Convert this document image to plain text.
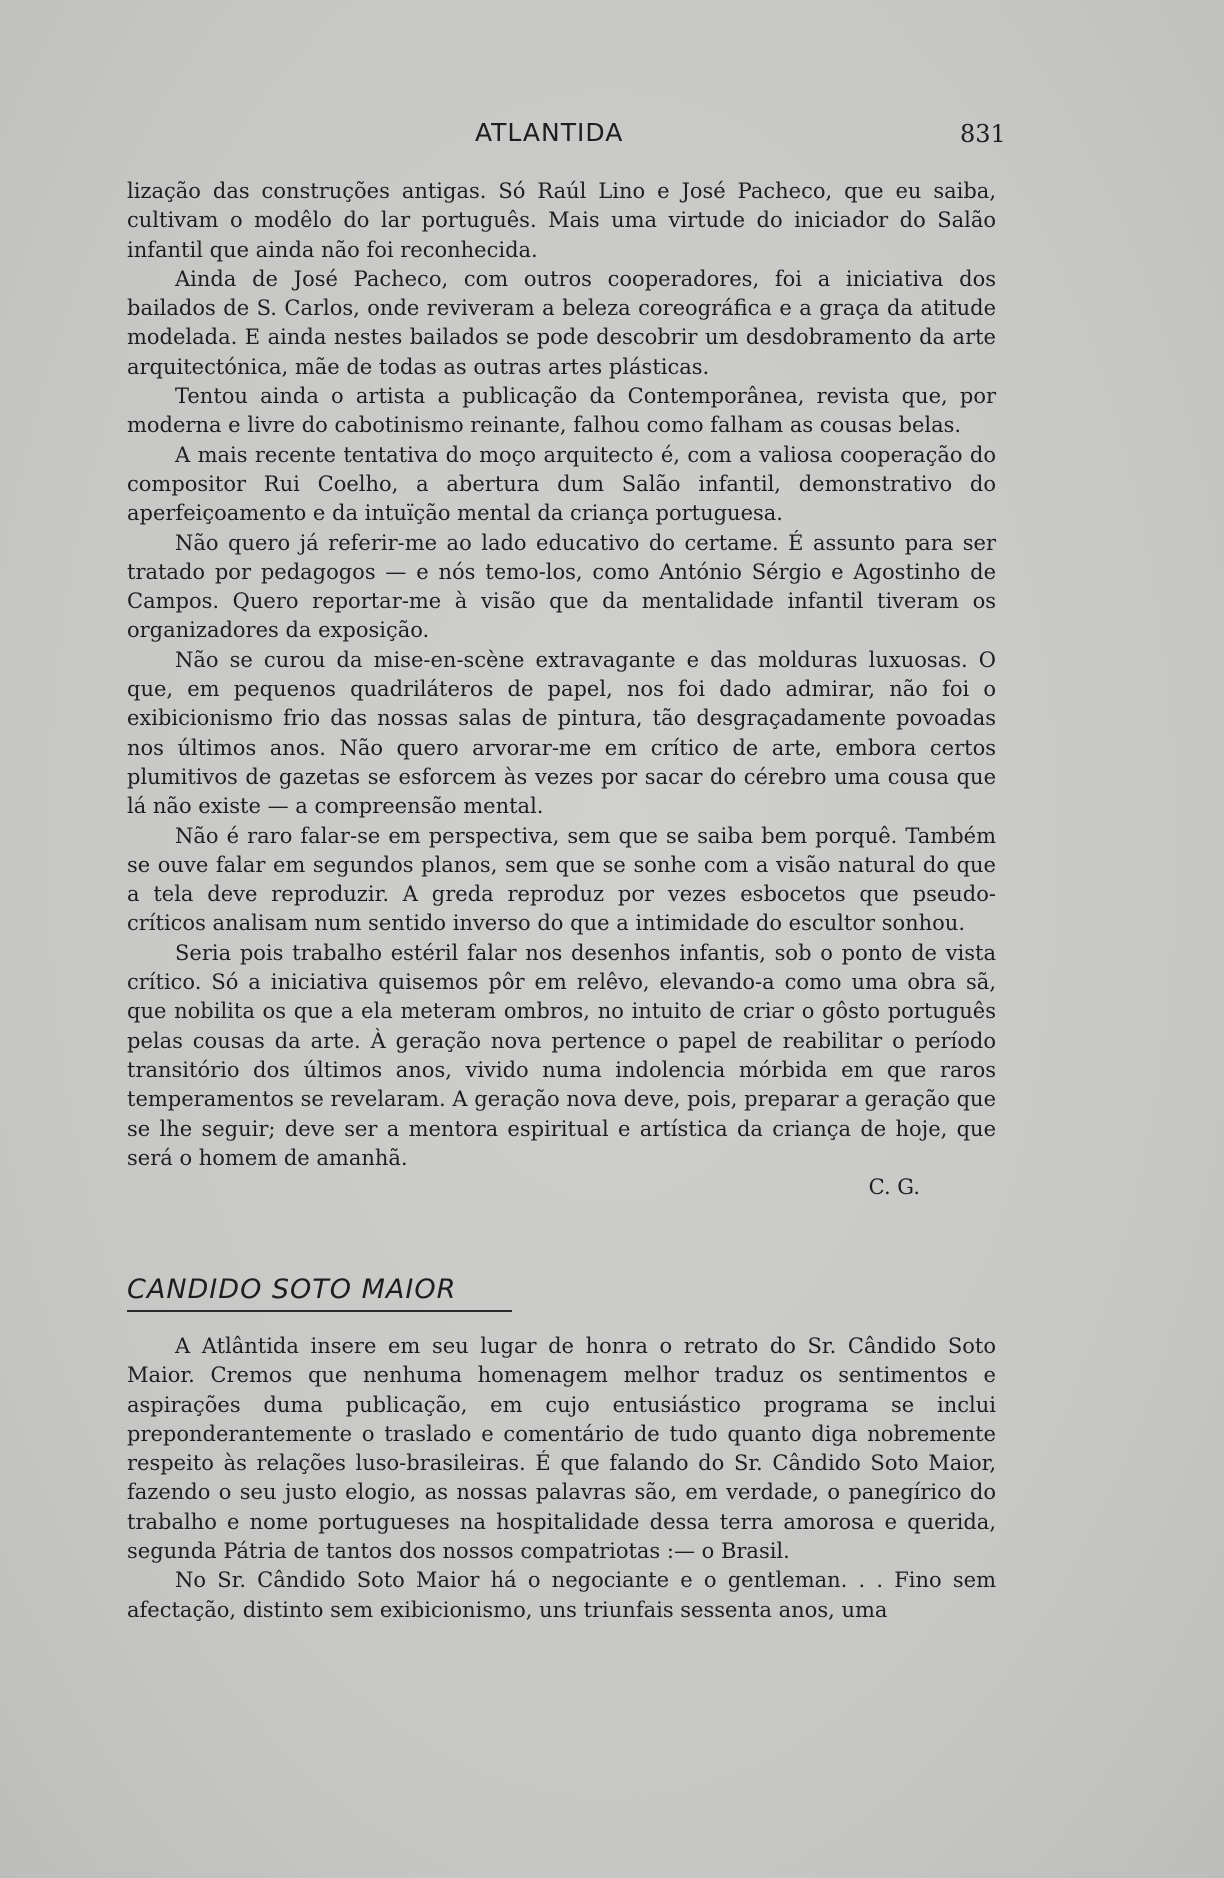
ATLANTIDA	831

lização das construções antigas. Só Raúl Lino e José Pacheco, que eu saiba, cultivam o modêlo do lar português. Mais uma virtude do iniciador do Salão infantil que ainda não foi reconhecida.

Ainda de José Pacheco, com outros cooperadores, foi a iniciativa dos bailados de S. Carlos, onde reviveram a beleza coreográfica e a graça da atitude modelada. E ainda nestes bailados se pode descobrir um desdobramento da arte arquitectónica, mãe de todas as outras artes plásticas.

Tentou ainda o artista a publicação da Contemporânea, revista que, por moderna e livre do cabotinismo reinante, falhou como falham as cousas belas.

A mais recente tentativa do moço arquitecto é, com a valiosa cooperação do compositor Rui Coelho, a abertura dum Salão infantil, demonstrativo do aperfeiçoamento e da intuïção mental da criança portuguesa.

Não quero já referir-me ao lado educativo do certame. É assunto para ser tratado por pedagogos — e nós temo-los, como António Sérgio e Agostinho de Campos. Quero reportar-me à visão que da mentalidade infantil tiveram os organizadores da exposição.

Não se curou da mise-en-scène extravagante e das molduras luxuosas. O que, em pequenos quadriláteros de papel, nos foi dado admirar, não foi o exibicionismo frio das nossas salas de pintura, tão desgraçadamente povoadas nos últimos anos. Não quero arvorar-me em crítico de arte, embora certos plumitivos de gazetas se esforcem às vezes por sacar do cérebro uma cousa que lá não existe — a compreensão mental.

Não é raro falar-se em perspectiva, sem que se saiba bem porquê. Também se ouve falar em segundos planos, sem que se sonhe com a visão natural do que a tela deve reproduzir. A greda reproduz por vezes esbocetos que pseudo-críticos analisam num sentido inverso do que a intimidade do escultor sonhou.

Seria pois trabalho estéril falar nos desenhos infantis, sob o ponto de vista crítico. Só a iniciativa quisemos pôr em relêvo, elevando-a como uma obra sã, que nobilita os que a ela meteram ombros, no intuito de criar o gôsto português pelas cousas da arte. À geração nova pertence o papel de reabilitar o período transitório dos últimos anos, vivido numa indolencia mórbida em que raros temperamentos se revelaram. A geração nova deve, pois, preparar a geração que se lhe seguir; deve ser a mentora espiritual e artística da criança de hoje, que será o homem de amanhã.

C. G.
CANDIDO SOTO MAIOR

A Atlântida insere em seu lugar de honra o retrato do Sr. Cândido Soto Maior. Cremos que nenhuma homenagem melhor traduz os sentimentos e aspirações duma publicação, em cujo entusiástico programa se inclui preponderantemente o traslado e comentário de tudo quanto diga nobremente respeito às relações luso-brasileiras. É que falando do Sr. Cândido Soto Maior, fazendo o seu justo elogio, as nossas palavras são, em verdade, o panegírico do trabalho e nome portugueses na hospitalidade dessa terra amorosa e querida, segunda Pátria de tantos dos nossos compatriotas :— o Brasil.

No Sr. Cândido Soto Maior há o negociante e o gentleman. . . Fino sem afectação, distinto sem exibicionismo, uns triunfais sessenta anos, uma
